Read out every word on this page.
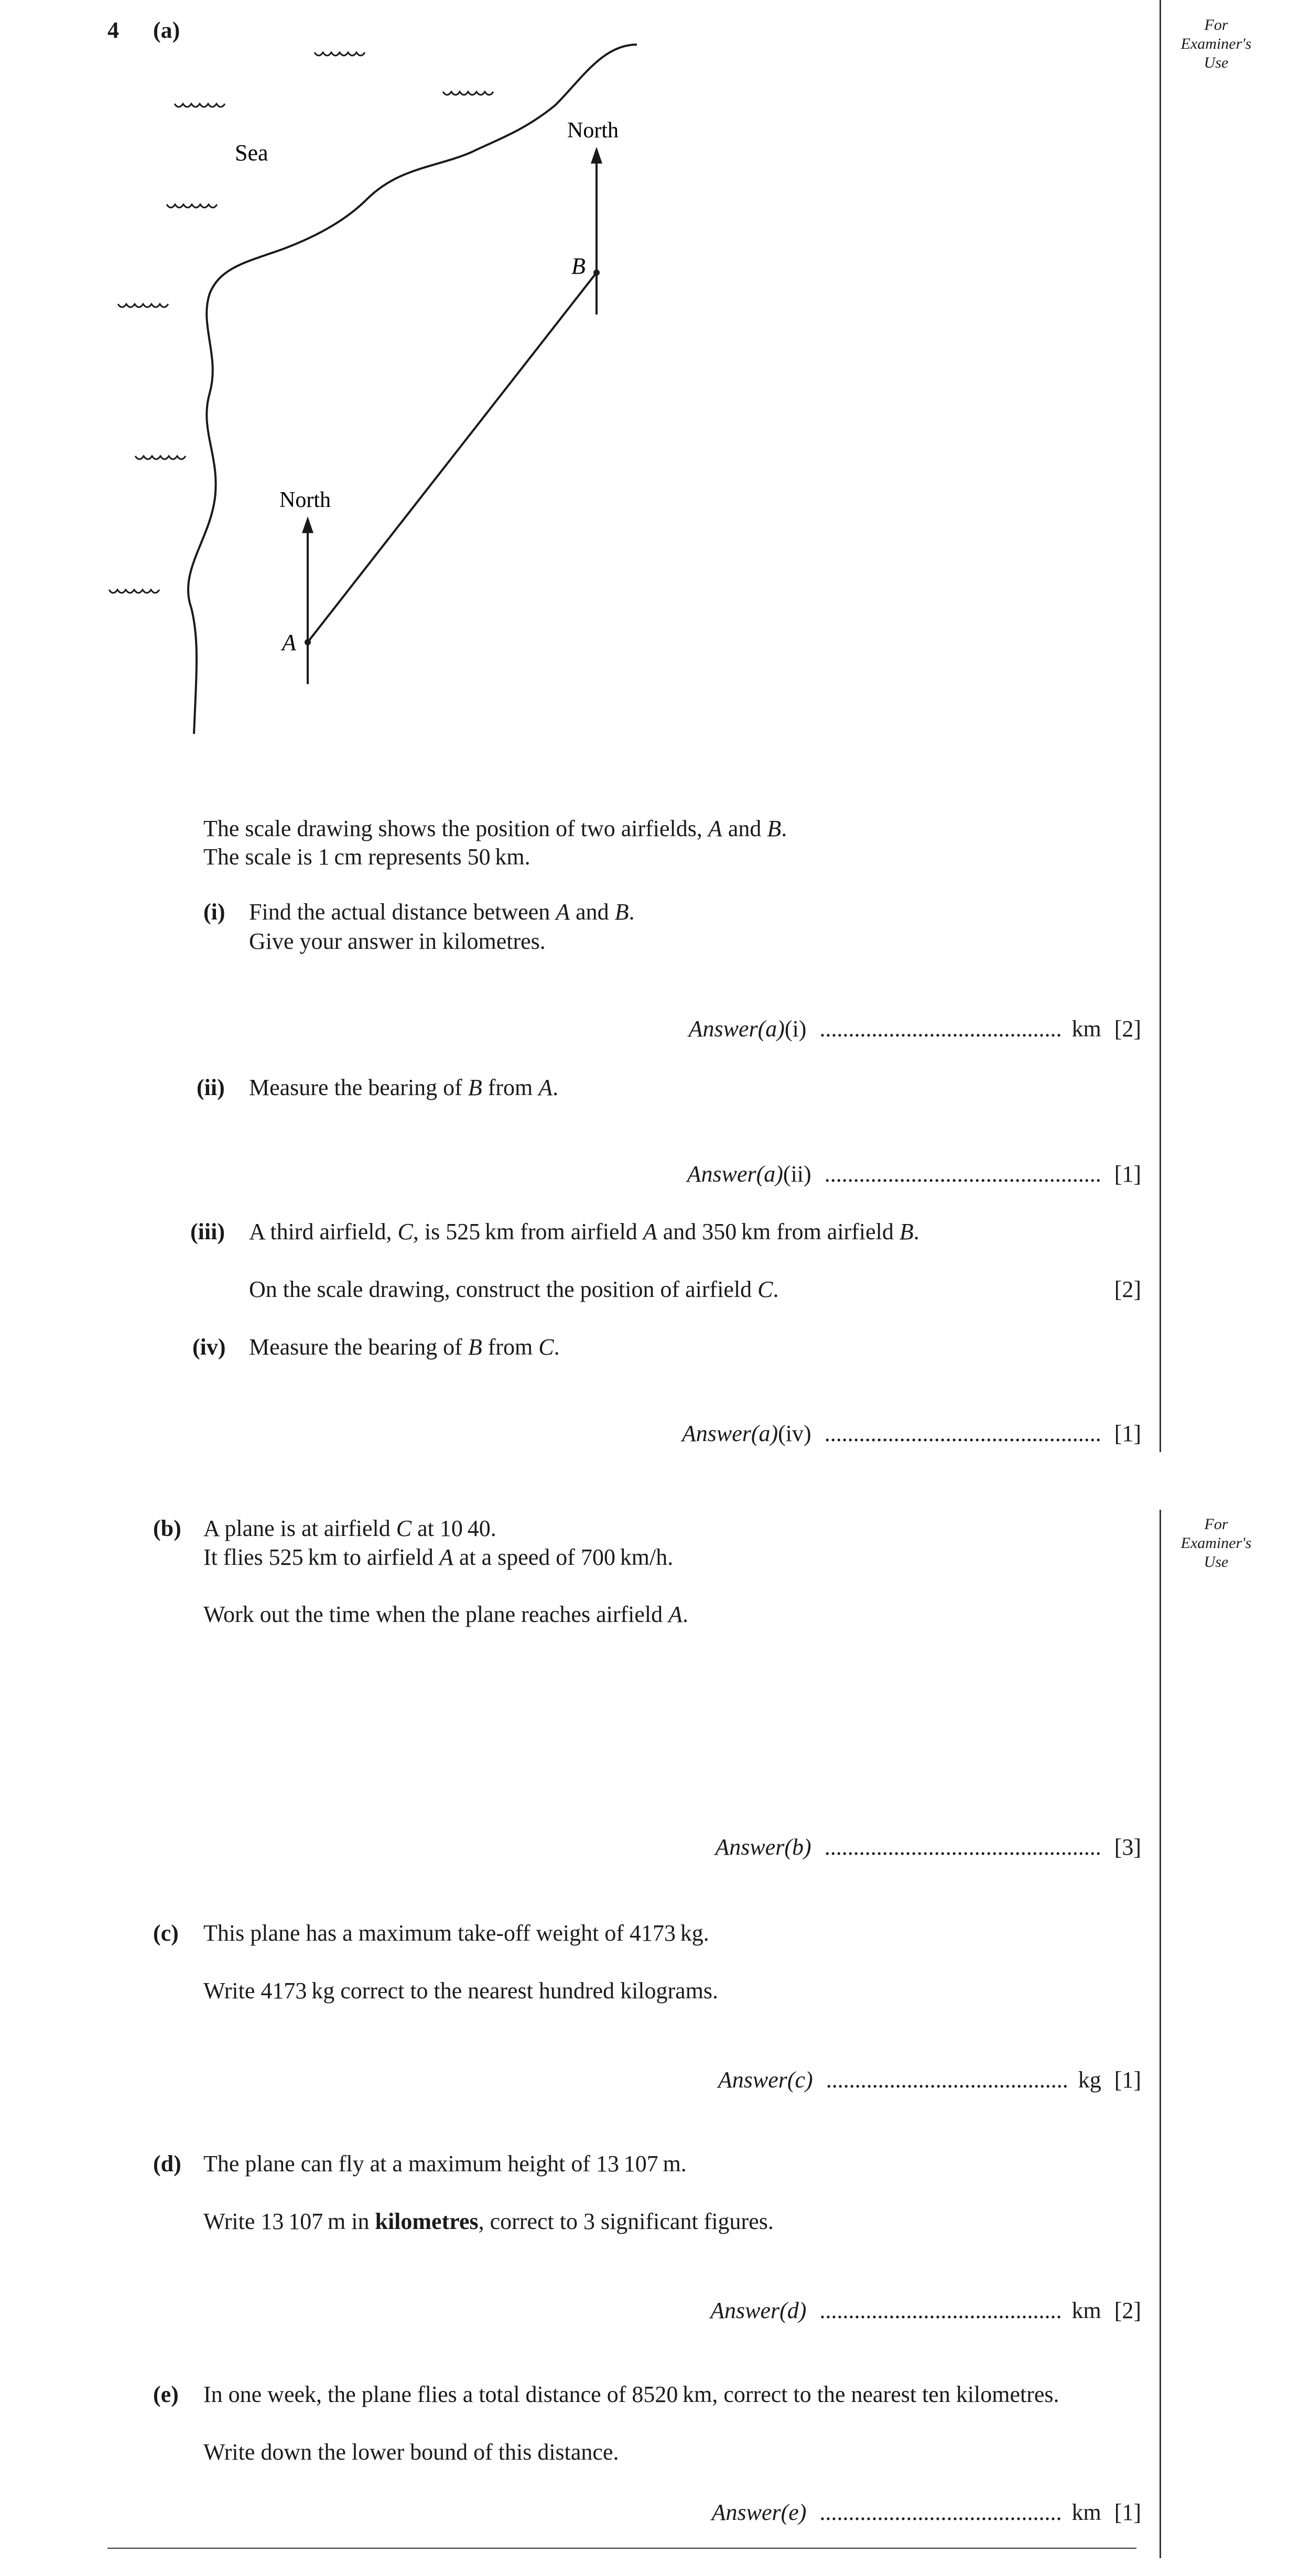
For
Examiner's
Use
For
Examiner's
Use
4 (a)
Sea
North
North
A
B
The scale drawing shows the position of two airfields, A and B.
The scale is 1 cm represents 50 km.
(i) Find the actual distance between A and B.
Give your answer in kilometres.
Answer(a)(i) .......................................... km [2]
(ii) Measure the bearing of B from A.
Answer(a)(ii) ................................................ [1]
(iii) A third airfield, C, is 525 km from airfield A and 350 km from airfield B.
On the scale drawing, construct the position of airfield C.	[2]
(iv) Measure the bearing of B from C.
Answer(a)(iv) ................................................ [1]
(b) A plane is at airfield C at 10 40.
It flies 525 km to airfield A at a speed of 700 km/h.
Work out the time when the plane reaches airfield A.
Answer(b) ................................................ [3]
(c) This plane has a maximum take-off weight of 4173 kg.
Write 4173 kg correct to the nearest hundred kilograms.
Answer(c) .......................................... kg [1]
(d) The plane can fly at a maximum height of 13 107 m.
Write 13 107 m in kilometres, correct to 3 significant figures.
Answer(d) .......................................... km [2]
(e) In one week, the plane flies a total distance of 8520 km, correct to the nearest ten kilometres.
Write down the lower bound of this distance.
Answer(e) .......................................... km [1]
